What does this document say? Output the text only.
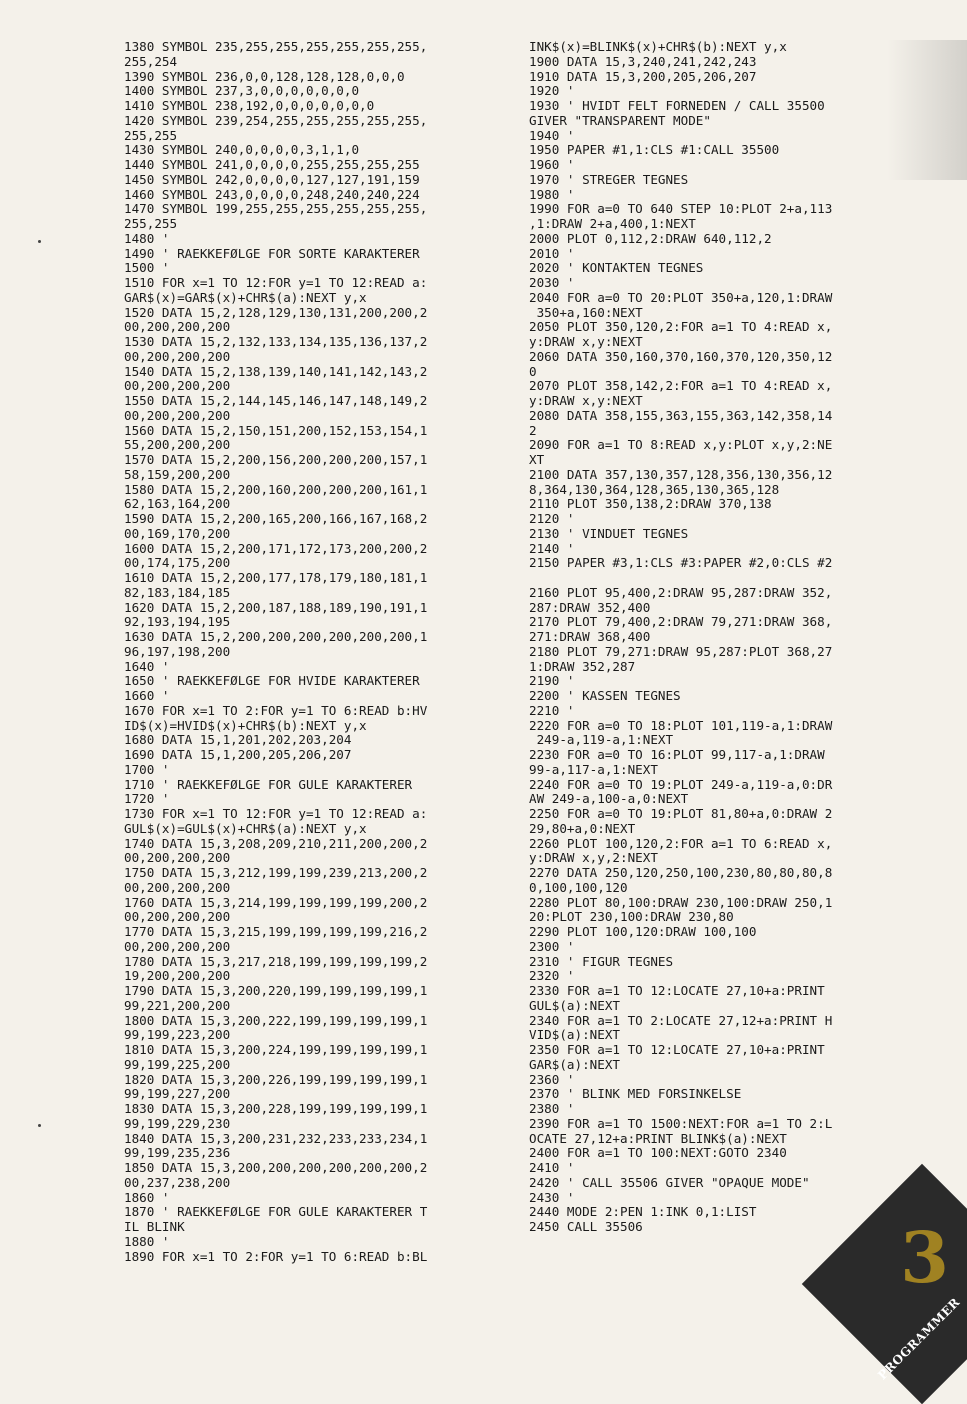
1380 SYMBOL 235,255,255,255,255,255,255,
255,254
1390 SYMBOL 236,0,0,128,128,128,0,0,0
1400 SYMBOL 237,3,0,0,0,0,0,0,0
1410 SYMBOL 238,192,0,0,0,0,0,0,0
1420 SYMBOL 239,254,255,255,255,255,255,
255,255
1430 SYMBOL 240,0,0,0,0,3,1,1,0
1440 SYMBOL 241,0,0,0,0,255,255,255,255
1450 SYMBOL 242,0,0,0,0,127,127,191,159
1460 SYMBOL 243,0,0,0,0,248,240,240,224
1470 SYMBOL 199,255,255,255,255,255,255,
255,255
1480 '
1490 ' RAEKKEFØLGE FOR SORTE KARAKTERER
1500 '
1510 FOR x=1 TO 12:FOR y=1 TO 12:READ a:
GAR$(x)=GAR$(x)+CHR$(a):NEXT y,x
1520 DATA 15,2,128,129,130,131,200,200,2
00,200,200,200
1530 DATA 15,2,132,133,134,135,136,137,2
00,200,200,200
1540 DATA 15,2,138,139,140,141,142,143,2
00,200,200,200
1550 DATA 15,2,144,145,146,147,148,149,2
00,200,200,200
1560 DATA 15,2,150,151,200,152,153,154,1
55,200,200,200
1570 DATA 15,2,200,156,200,200,200,157,1
58,159,200,200
1580 DATA 15,2,200,160,200,200,200,161,1
62,163,164,200
1590 DATA 15,2,200,165,200,166,167,168,2
00,169,170,200
1600 DATA 15,2,200,171,172,173,200,200,2
00,174,175,200
1610 DATA 15,2,200,177,178,179,180,181,1
82,183,184,185
1620 DATA 15,2,200,187,188,189,190,191,1
92,193,194,195
1630 DATA 15,2,200,200,200,200,200,200,1
96,197,198,200
1640 '
1650 ' RAEKKEFØLGE FOR HVIDE KARAKTERER
1660 '
1670 FOR x=1 TO 2:FOR y=1 TO 6:READ b:HV
ID$(x)=HVID$(x)+CHR$(b):NEXT y,x
1680 DATA 15,1,201,202,203,204
1690 DATA 15,1,200,205,206,207
1700 '
1710 ' RAEKKEFØLGE FOR GULE KARAKTERER
1720 '
1730 FOR x=1 TO 12:FOR y=1 TO 12:READ a:
GUL$(x)=GUL$(x)+CHR$(a):NEXT y,x
1740 DATA 15,3,208,209,210,211,200,200,2
00,200,200,200
1750 DATA 15,3,212,199,199,239,213,200,2
00,200,200,200
1760 DATA 15,3,214,199,199,199,199,200,2
00,200,200,200
1770 DATA 15,3,215,199,199,199,199,216,2
00,200,200,200
1780 DATA 15,3,217,218,199,199,199,199,2
19,200,200,200
1790 DATA 15,3,200,220,199,199,199,199,1
99,221,200,200
1800 DATA 15,3,200,222,199,199,199,199,1
99,199,223,200
1810 DATA 15,3,200,224,199,199,199,199,1
99,199,225,200
1820 DATA 15,3,200,226,199,199,199,199,1
99,199,227,200
1830 DATA 15,3,200,228,199,199,199,199,1
99,199,229,230
1840 DATA 15,3,200,231,232,233,233,234,1
99,199,235,236
1850 DATA 15,3,200,200,200,200,200,200,2
00,237,238,200
1860 '
1870 ' RAEKKEFØLGE FOR GULE KARAKTERER T
IL BLINK
1880 '
1890 FOR x=1 TO 2:FOR y=1 TO 6:READ b:BL
INK$(x)=BLINK$(x)+CHR$(b):NEXT y,x
1900 DATA 15,3,240,241,242,243
1910 DATA 15,3,200,205,206,207
1920 '
1930 ' HVIDT FELT FORNEDEN / CALL 35500
GIVER "TRANSPARENT MODE"
1940 '
1950 PAPER #1,1:CLS #1:CALL 35500
1960 '
1970 ' STREGER TEGNES
1980 '
1990 FOR a=0 TO 640 STEP 10:PLOT 2+a,113
,1:DRAW 2+a,400,1:NEXT
2000 PLOT 0,112,2:DRAW 640,112,2
2010 '
2020 ' KONTAKTEN TEGNES
2030 '
2040 FOR a=0 TO 20:PLOT 350+a,120,1:DRAW
350+a,160:NEXT
2050 PLOT 350,120,2:FOR a=1 TO 4:READ x,
y:DRAW x,y:NEXT
2060 DATA 350,160,370,160,370,120,350,12
0
2070 PLOT 358,142,2:FOR a=1 TO 4:READ x,
y:DRAW x,y:NEXT
2080 DATA 358,155,363,155,363,142,358,14
2
2090 FOR a=1 TO 8:READ x,y:PLOT x,y,2:NE
XT
2100 DATA 357,130,357,128,356,130,356,12
8,364,130,364,128,365,130,365,128
2110 PLOT 350,138,2:DRAW 370,138
2120 '
2130 ' VINDUET TEGNES
2140 '
2150 PAPER #3,1:CLS #3:PAPER #2,0:CLS #2

2160 PLOT 95,400,2:DRAW 95,287:DRAW 352,
287:DRAW 352,400
2170 PLOT 79,400,2:DRAW 79,271:DRAW 368,
271:DRAW 368,400
2180 PLOT 79,271:DRAW 95,287:PLOT 368,27
1:DRAW 352,287
2190 '
2200 ' KASSEN TEGNES
2210 '
2220 FOR a=0 TO 18:PLOT 101,119-a,1:DRAW
249-a,119-a,1:NEXT
2230 FOR a=0 TO 16:PLOT 99,117-a,1:DRAW
99-a,117-a,1:NEXT
2240 FOR a=0 TO 19:PLOT 249-a,119-a,0:DR
AW 249-a,100-a,0:NEXT
2250 FOR a=0 TO 19:PLOT 81,80+a,0:DRAW 2
29,80+a,0:NEXT
2260 PLOT 100,120,2:FOR a=1 TO 6:READ x,
y:DRAW x,y,2:NEXT
2270 DATA 250,120,250,100,230,80,80,80,8
0,100,100,120
2280 PLOT 80,100:DRAW 230,100:DRAW 250,1
20:PLOT 230,100:DRAW 230,80
2290 PLOT 100,120:DRAW 100,100
2300 '
2310 ' FIGUR TEGNES
2320 '
2330 FOR a=1 TO 12:LOCATE 27,10+a:PRINT
GUL$(a):NEXT
2340 FOR a=1 TO 2:LOCATE 27,12+a:PRINT H
VID$(a):NEXT
2350 FOR a=1 TO 12:LOCATE 27,10+a:PRINT
GAR$(a):NEXT
2360 '
2370 ' BLINK MED FORSINKELSE
2380 '
2390 FOR a=1 TO 1500:NEXT:FOR a=1 TO 2:L
OCATE 27,12+a:PRINT BLINK$(a):NEXT
2400 FOR a=1 TO 100:NEXT:GOTO 2340
2410 '
2420 ' CALL 35506 GIVER "OPAQUE MODE"
2430 '
2440 MODE 2:PEN 1:INK 0,1:LIST
2450 CALL 35506	3
PROGRAMMER
